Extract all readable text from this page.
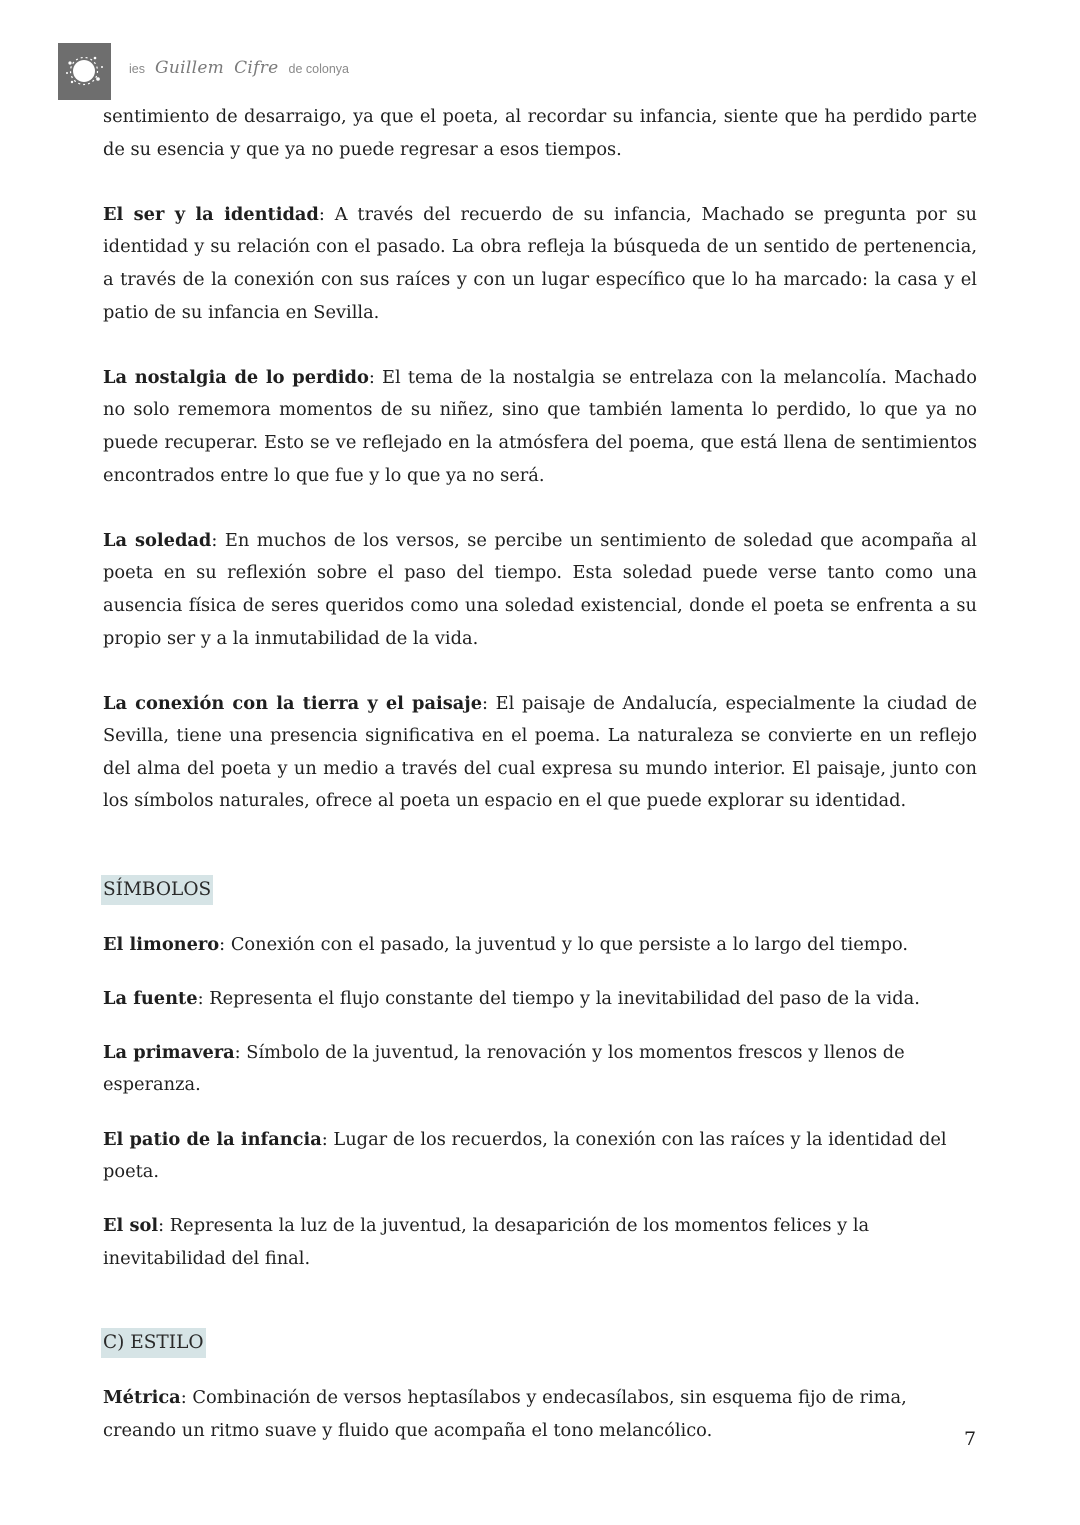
ies Guillem Cifre de colonya

sentimiento de desarraigo, ya que el poeta, al recordar su infancia, siente que ha perdido parte de su esencia y que ya no puede regresar a esos tiempos.

El ser y la identidad: A través del recuerdo de su infancia, Machado se pregunta por su identidad y su relación con el pasado. La obra refleja la búsqueda de un sentido de pertenencia, a través de la conexión con sus raíces y con un lugar específico que lo ha marcado: la casa y el patio de su infancia en Sevilla.

La nostalgia de lo perdido: El tema de la nostalgia se entrelaza con la melancolía. Machado no solo rememora momentos de su niñez, sino que también lamenta lo perdido, lo que ya no puede recuperar. Esto se ve reflejado en la atmósfera del poema, que está llena de sentimientos encontrados entre lo que fue y lo que ya no será.

La soledad: En muchos de los versos, se percibe un sentimiento de soledad que acompaña al poeta en su reflexión sobre el paso del tiempo. Esta soledad puede verse tanto como una ausencia física de seres queridos como una soledad existencial, donde el poeta se enfrenta a su propio ser y a la inmutabilidad de la vida.

La conexión con la tierra y el paisaje: El paisaje de Andalucía, especialmente la ciudad de Sevilla, tiene una presencia significativa en el poema. La naturaleza se convierte en un reflejo del alma del poeta y un medio a través del cual expresa su mundo interior. El paisaje, junto con los símbolos naturales, ofrece al poeta un espacio en el que puede explorar su identidad.

SÍMBOLOS

El limonero: Conexión con el pasado, la juventud y lo que persiste a lo largo del tiempo.

La fuente: Representa el flujo constante del tiempo y la inevitabilidad del paso de la vida.

La primavera: Símbolo de la juventud, la renovación y los momentos frescos y llenos de esperanza.

El patio de la infancia: Lugar de los recuerdos, la conexión con las raíces y la identidad del poeta.

El sol: Representa la luz de la juventud, la desaparición de los momentos felices y la inevitabilidad del final.

C) ESTILO

Métrica: Combinación de versos heptasílabos y endecasílabos, sin esquema fijo de rima, creando un ritmo suave y fluido que acompaña el tono melancólico.	7
